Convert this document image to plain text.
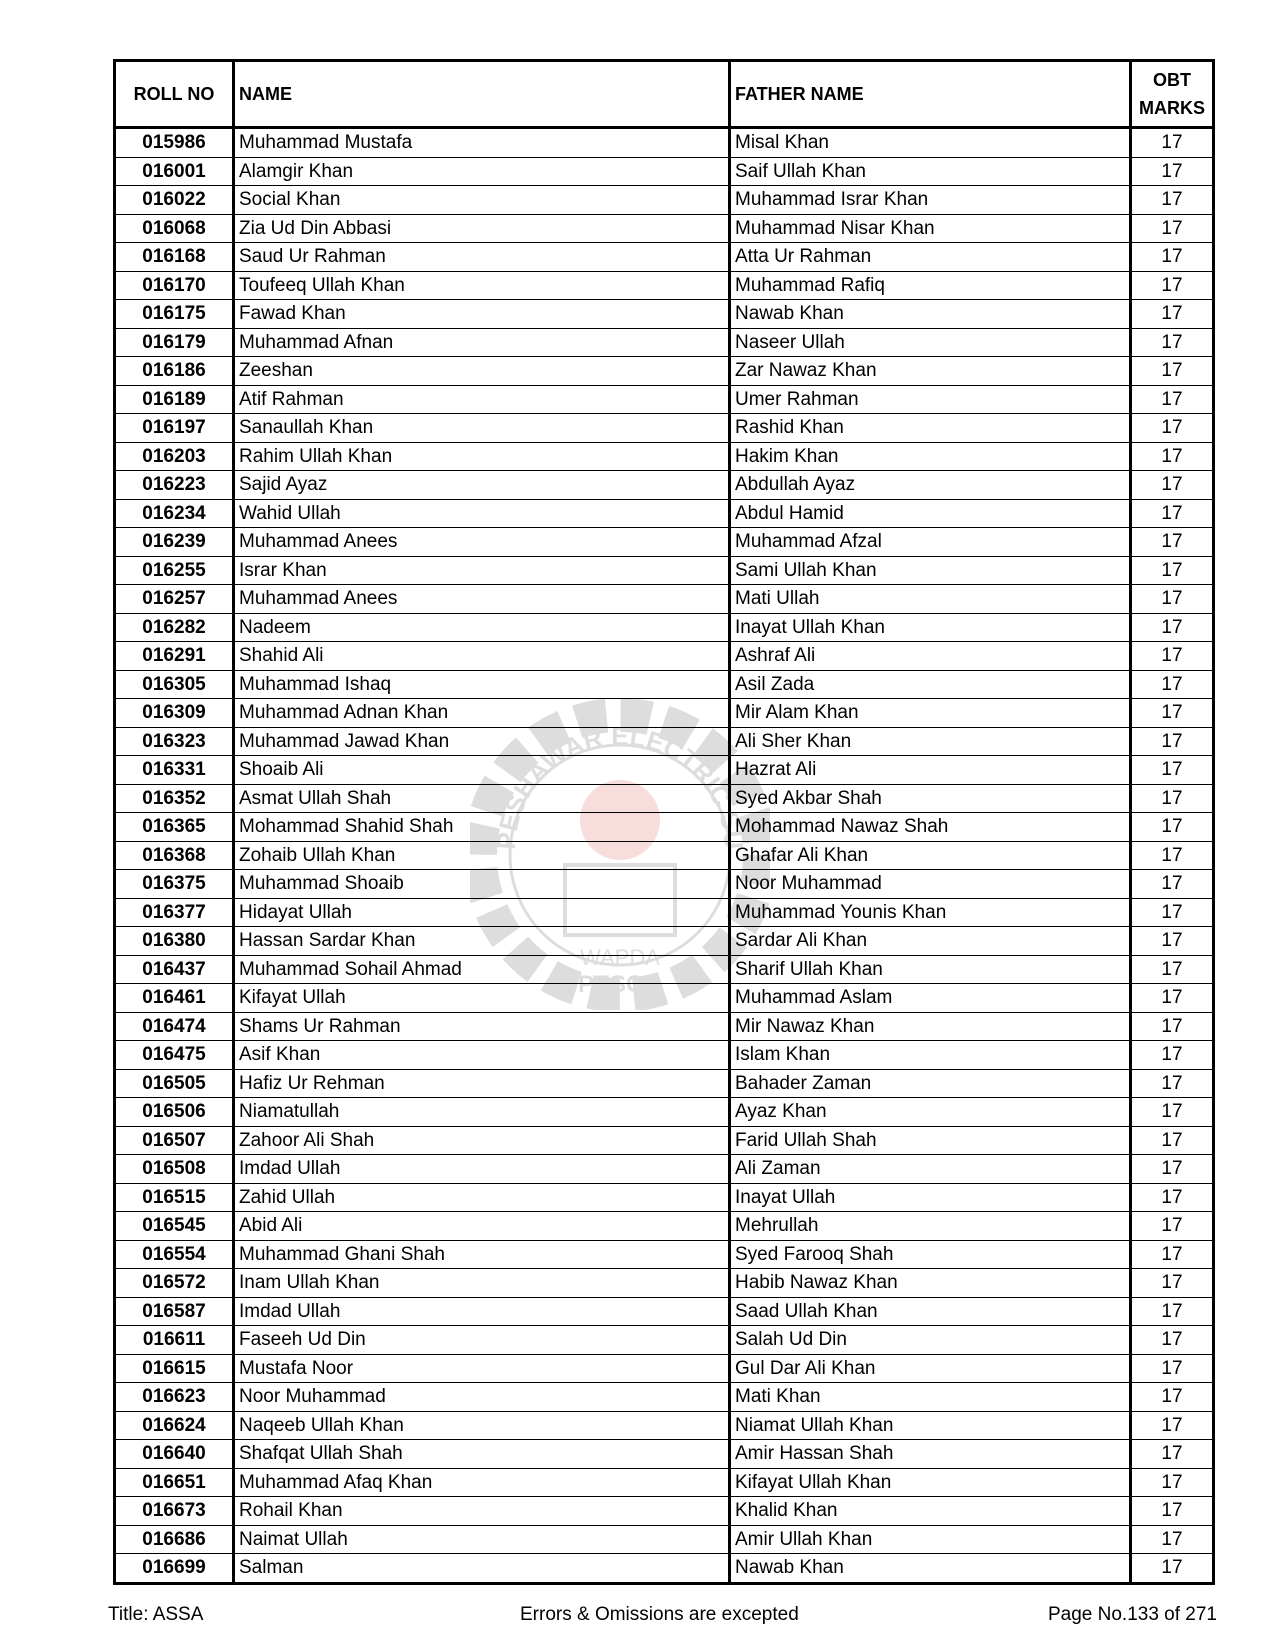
PESHAWAR ELECTRIC SU
WAPDA
PESCO
ROLL NO	NAME	FATHER NAME	OBT
MARKS
015986	Muhammad Mustafa	Misal Khan	17
016001	Alamgir Khan	Saif Ullah Khan	17
016022	Social Khan	Muhammad Israr Khan	17
016068	Zia Ud Din Abbasi	Muhammad Nisar Khan	17
016168	Saud Ur Rahman	Atta Ur Rahman	17
016170	Toufeeq Ullah Khan	Muhammad Rafiq	17
016175	Fawad Khan	Nawab Khan	17
016179	Muhammad Afnan	Naseer Ullah	17
016186	Zeeshan	Zar Nawaz Khan	17
016189	Atif Rahman	Umer Rahman	17
016197	Sanaullah Khan	Rashid Khan	17
016203	Rahim Ullah Khan	Hakim Khan	17
016223	Sajid Ayaz	Abdullah Ayaz	17
016234	Wahid Ullah	Abdul Hamid	17
016239	Muhammad Anees	Muhammad Afzal	17
016255	Israr Khan	Sami Ullah Khan	17
016257	Muhammad Anees	Mati Ullah	17
016282	Nadeem	Inayat Ullah Khan	17
016291	Shahid Ali	Ashraf Ali	17
016305	Muhammad Ishaq	Asil Zada	17
016309	Muhammad Adnan Khan	Mir Alam Khan	17
016323	Muhammad Jawad Khan	Ali Sher Khan	17
016331	Shoaib Ali	Hazrat Ali	17
016352	Asmat Ullah Shah	Syed Akbar Shah	17
016365	Mohammad Shahid Shah	Mohammad Nawaz Shah	17
016368	Zohaib Ullah Khan	Ghafar Ali Khan	17
016375	Muhammad Shoaib	Noor Muhammad	17
016377	Hidayat Ullah	Muhammad Younis Khan	17
016380	Hassan Sardar Khan	Sardar Ali Khan	17
016437	Muhammad Sohail Ahmad	Sharif Ullah Khan	17
016461	Kifayat Ullah	Muhammad Aslam	17
016474	Shams Ur Rahman	Mir Nawaz Khan	17
016475	Asif Khan	Islam Khan	17
016505	Hafiz Ur Rehman	Bahader Zaman	17
016506	Niamatullah	Ayaz Khan	17
016507	Zahoor Ali Shah	Farid Ullah Shah	17
016508	Imdad Ullah	Ali Zaman	17
016515	Zahid Ullah	Inayat Ullah	17
016545	Abid Ali	Mehrullah	17
016554	Muhammad Ghani Shah	Syed Farooq Shah	17
016572	Inam Ullah Khan	Habib Nawaz Khan	17
016587	Imdad Ullah	Saad Ullah Khan	17
016611	Faseeh Ud Din	Salah Ud Din	17
016615	Mustafa Noor	Gul Dar Ali Khan	17
016623	Noor Muhammad	Mati Khan	17
016624	Naqeeb Ullah Khan	Niamat Ullah Khan	17
016640	Shafqat Ullah Shah	Amir Hassan Shah	17
016651	Muhammad Afaq Khan	Kifayat Ullah Khan	17
016673	Rohail Khan	Khalid Khan	17
016686	Naimat Ullah	Amir Ullah Khan	17
016699	Salman	Nawab Khan	17
Title: ASSA	Errors & Omissions are excepted	Page No.133 of 271
